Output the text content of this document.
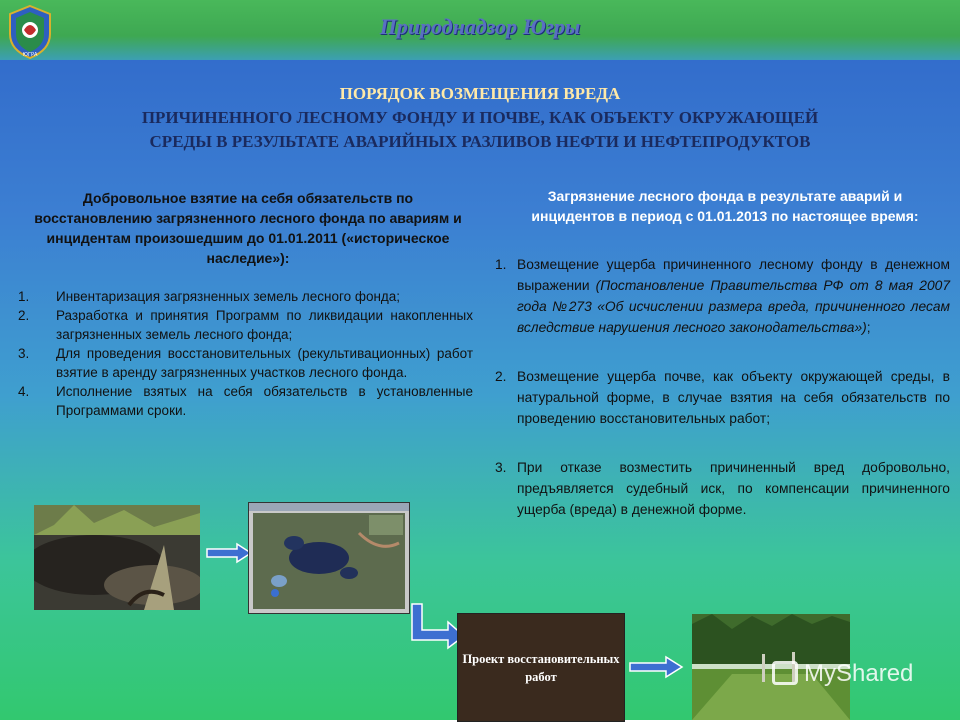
ЮГРА
Природнадзор Югры
ПОРЯДОК ВОЗМЕЩЕНИЯ ВРЕДА
ПРИЧИНЕННОГО ЛЕСНОМУ ФОНДУ И ПОЧВЕ, КАК ОБЪЕКТУ ОКРУЖАЮЩЕЙ
СРЕДЫ В РЕЗУЛЬТАТЕ АВАРИЙНЫХ РАЗЛИВОВ НЕФТИ И НЕФТЕПРОДУКТОВ
Добровольное взятие на себя обязательств по восстановлению загрязненного лесного фонда по авариям и инцидентам произошедшим до 01.01.2011 («историческое наследие»):
1.	Инвентаризация загрязненных земель лесного фонда;
2.	Разработка и принятия Программ по ликвидации накопленных загрязненных земель лесного фонда;
3.	Для проведения восстановительных (рекультивационных) работ взятие в аренду загрязненных участков лесного фонда.
4.	Исполнение взятых на себя обязательств в установленные Программами сроки.
Загрязнение лесного фонда в результате аварий и инцидентов в период с 01.01.2013 по настоящее время:
1. Возмещение ущерба причиненного лесному фонду в денежном выражении (Постановление Правительства РФ от 8 мая 2007 года №273 «Об исчислении размера вреда, причиненного лесам вследствие нарушения лесного законодательства»);
2. Возмещение ущерба почве, как объекту окружающей среды, в натуральной форме, в случае взятия на себя обязательств по проведению восстановительных работ;
3. При отказе возместить причиненный вред добровольно, предъявляется судебный иск, по компенсации причиненного ущерба (вреда) в денежной форме.
Проект восстановительных работ	MyShared
